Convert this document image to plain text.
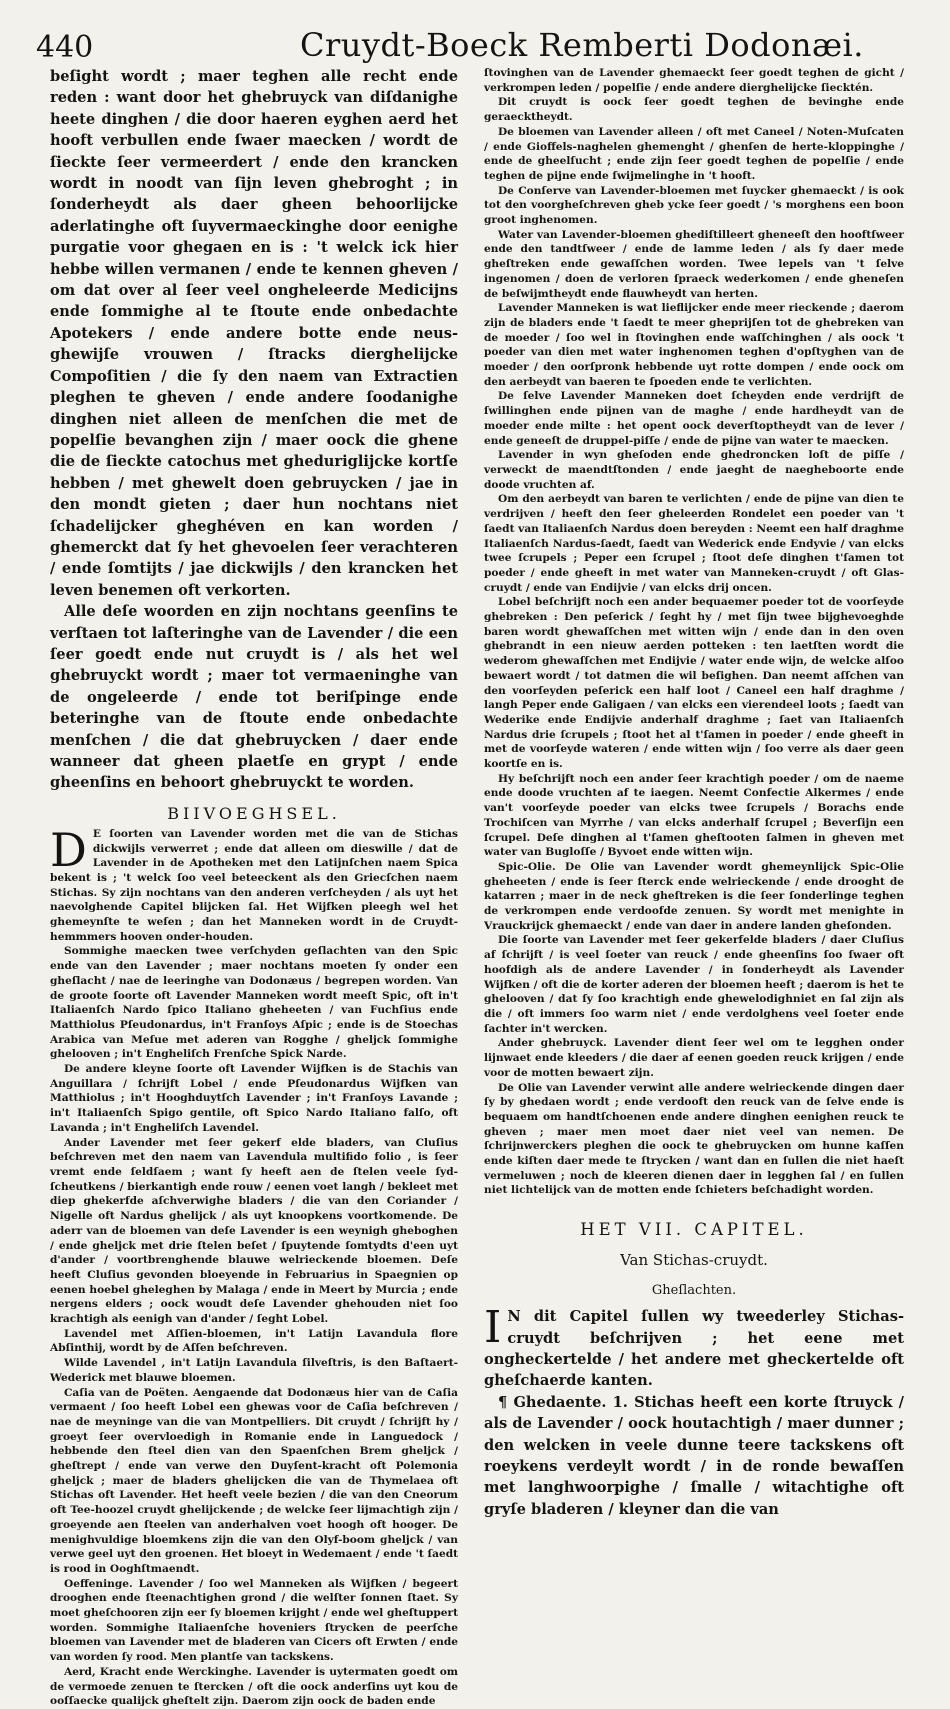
440	Cruydt-Boeck Remberti Dodonæi.

beſight wordt ; maer teghen alle recht ende reden : want door het ghebruyck van diſdanighe heete dinghen / die door haeren eyghen aerd het hooft verbullen ende ſwaer maecken / wordt de ſieckte ſeer vermeerdert / ende den krancken wordt in noodt van ſijn leven ghebroght ; in ſonderheydt als daer gheen behoorlijcke aderlatinghe oft ſuyvermaeckinghe door eenighe purgatie voor ghegaen en is : 't welck ick hier hebbe willen vermanen / ende te kennen gheven / om dat over al ſeer veel ongheleerde Medicijns ende ſommighe al te ſtoute ende onbedachte Apotekers / ende andere botte ende neus-ghewijſe vrouwen / ſtracks dierghelijcke Compoſitien / die ſy den naem van Extractien pleghen te gheven / ende andere ſoodanighe dinghen niet alleen de menſchen die met de popelſie bevanghen zijn / maer oock die ghene die de ſieckte catochus met gheduriglijcke kortſe hebben / met ghewelt doen gebruycken / jae in den mondt gieten ; daer hun nochtans niet ſchadelijcker gheghéven en kan worden / ghemerckt dat ſy het ghevoelen ſeer verachteren / ende ſomtijts / jae dickwijls / den krancken het leven benemen oft verkorten.

Alle deſe woorden en zijn nochtans geenſins te verſtaen tot laſteringhe van de Lavender / die een ſeer goedt ende nut cruydt is / als het wel ghebruyckt wordt ; maer tot vermaeninghe van de ongeleerde / ende tot beriſpinge ende beteringhe van de ſtoute ende onbedachte menſchen / die dat ghebruycken / daer ende wanneer dat gheen plaetſe en grypt / ende gheenſins en behoort ghebruyckt te worden.

BIIVOEGHSEL.

D E ſoorten van Lavender worden met die van de Stichas dickwijls verwerret ; ende dat alleen om dieswille / dat de Lavender in de Apotheken met den Latijnſchen naem Spica bekent is ; 't welck ſoo veel beteeckent als den Griecſchen naem Stichas. Sy zijn nochtans van den anderen verſcheyden / als uyt het naevolghende Capitel blijcken ſal. Het Wijfken pleegh wel het ghemeynſte te weſen ; dan het Manneken wordt in de Cruydt-hemmmers hooven onder-houden.

Sommighe maecken twee verſchyden geſlachten van den Spic ende van den Lavender ; maer nochtans moeten ſy onder een gheſlacht / nae de leeringhe van Dodonæus / begrepen worden. Van de groote ſoorte oft Lavender Manneken wordt meeſt Spic, oft in't Italiaenſch Nardo ſpico Italiano gheheeten / van Fuchſius ende Matthiolus Pſeudonardus, in't Franſoys Aſpic ; ende is de Stoechas Arabica van Meſue met aderen van Rogghe / gheljck ſommighe ghelooven ; in't Engheliſch Frenſche Spick Narde.

De andere kleyne ſoorte oft Lavender Wijfken is de Stachis van Anguillara / ſchrijft Lobel / ende Pſeudonardus Wijfken van Matthiolus ; in't Hooghduytſch Lavender ; in't Franſoys Lavande ; in't Italiaenſch Spigo gentile, oft Spico Nardo Italiano falſo, oft Lavanda ; in't Engheliſch Lavendel.

Ander Lavender met ſeer gekerf elde bladers, van Cluſius beſchreven met den naem van Lavendula multifido folio , is ſeer vremt ende ſeldſaem ; want ſy heeft aen de ſtelen veele ſyd-ſcheutkens / bierkantigh ende rouw / eenen voet langh / bekleet met diep ghekerfde aſchverwighe bladers / die van den Coriander / Nigelle oft Nardus ghelijck / als uyt knoopkens voortkomende. De aderr van de bloemen van deſe Lavender is een weynigh gheboghen / ende gheljck met drie ſtelen beſet / ſpuytende ſomtydts d'een uyt d'ander / voortbrenghende blauwe welrieckende bloemen. Deſe heeft Cluſius gevonden bloeyende in Februarius in Spaegnien op eenen hoebel gheleghen by Malaga / ende in Meert by Murcia ; ende nergens elders ; oock woudt deſe Lavender ghehouden niet ſoo krachtigh als eenigh van d'ander / ſeght Lobel.

Lavendel met Aſſien-bloemen, in't Latijn Lavandula flore Abſinthij, wordt by de Aſſen beſchreven.

Wilde Lavendel , in't Latijn Lavandula ſilveſtris, is den Baſtaert-Wederick met blauwe bloemen.

Caſia van de Poëten. Aengaende dat Dodonæus hier van de Caſia vermaent / ſoo heeft Lobel een ghewas voor de Caſia beſchreven / nae de meyninge van die van Montpelliers. Dit cruydt / ſchrijft hy / groeyt ſeer overvloedigh in Romanie ende in Languedock / hebbende den ſteel dien van den Spaenſchen Brem gheljck / gheſtrept / ende van verwe den Duyſent-kracht oft Polemonia gheljck ; maer de bladers ghelijcken die van de Thymelaea oft Stichas oft Lavender. Het heeft veele bezien / die van den Cneorum oft Tee-hoozel cruydt ghelijckende ; de welcke ſeer lijmachtigh zijn / groeyende aen ſteelen van anderhalven voet hoogh oft hooger. De menighvuldige bloemkens zijn die van den Olyf-boom gheljck / van verwe geel uyt den groenen. Het bloeyt in Wedemaent / ende 't ſaedt is rood in Ooghſtmaendt.

Oeffeninge. Lavender / ſoo wel Manneken als Wijfken / begeert drooghen ende ſteenachtighen grond / die welſter ſonnen ſtaet. Sy moet gheſchooren zijn eer ſy bloemen krijght / ende wel gheſtuppert worden. Sommighe Italiaenſche hoveniers ſtrycken de peerſche bloemen van Lavender met de bladeren van Cicers oft Erwten / ende van worden ſy rood. Men plantſe van tackskens.

Aerd, Kracht ende Werckinghe. Lavender is uytermaten goedt om de vermoede zenuen te ſtercken / oft die oock anderſins uyt kou de ooſſaecke qualijck gheſtelt zijn. Daerom zijn oock de baden ende

ſtovinghen van de Lavender ghemaeckt ſeer goedt teghen de gicht / verkrompen leden / popelſie / ende andere dierghelijcke ſiecktén.

Dit cruydt is oock ſeer goedt teghen de bevinghe ende geraecktheydt.

De bloemen van Lavender alleen / oft met Caneel / Noten-Muſcaten / ende Gioffels-naghelen ghemenght / ghenſen de herte-kloppinghe / ende de gheelſucht ; ende zijn ſeer goedt teghen de popelſie / ende teghen de pijne ende ſwijmelinghe in 't hooft.

De Conſerve van Lavender-bloemen met ſuycker ghemaeckt / is ook tot den voorgheſchreven gheb ycke ſeer goedt / 's morghens een boon groot inghenomen.

Water van Lavender-bloemen ghediſtilleert gheneeſt den hooftſweer ende den tandtſweer / ende de lamme leden / als ſy daer mede gheſtreken ende gewaſſchen worden. Twee lepels van 't ſelve ingenomen / doen de verloren ſpraeck wederkomen / ende gheneſen de beſwijmtheydt ende flauwheydt van herten.

Lavender Manneken is wat lieflijcker ende meer rieckende ; daerom zijn de bladers ende 't ſaedt te meer gheprijſen tot de ghebreken van de moeder / ſoo wel in ſtovinghen ende waſſchinghen / als oock 't poeder van dien met water inghenomen teghen d'opſtyghen van de moeder / den oorſpronk hebbende uyt rotte dompen / ende oock om den aerbeydt van baeren te ſpoeden ende te verlichten.

De ſelve Lavender Manneken doet ſcheyden ende verdrijft de ſwillinghen ende pijnen van de maghe / ende hardheydt van de moeder ende milte : het opent oock deverſtoptheydt van de lever / ende geneeſt de druppel-piſſe / ende de pijne van water te maecken.

Lavender in wyn gheſoden ende ghedroncken loſt de piſſe / verweckt de maendtſtonden / ende jaeght de naegheboorte ende doode vruchten af.

Om den aerbeydt van baren te verlichten / ende de pijne van dien te verdrijven / heeft den ſeer gheleerden Rondelet een poeder van 't ſaedt van Italiaenſch Nardus doen bereyden : Neemt een half draghme Italiaenſch Nardus-ſaedt, ſaedt van Wederick ende Endyvie / van elcks twee ſcrupels ; Peper een ſcrupel ; ſtoot deſe dinghen t'ſamen tot poeder / ende gheeft in met water van Manneken-cruydt / oft Glas-cruydt / ende van Endijvie / van elcks drij oncen.

Lobel beſchrijft noch een ander bequaemer poeder tot de voorſeyde ghebreken : Den peſerick / ſeght hy / met ſijn twee bijghevoeghde baren wordt ghewaſſchen met witten wijn / ende dan in den oven ghebrandt in een nieuw aerden potteken : ten laetſten wordt die wederom ghewaſſchen met Endijvie / water ende wijn, de welcke alſoo bewaert wordt / tot datmen die wil beſighen. Dan neemt aſſchen van den voorſeyden peſerick een half loot / Caneel een half draghme / langh Peper ende Galigaen / van elcks een vierendeel loots ; ſaedt van Wederike ende Endijvie anderhalf draghme ; ſaet van Italiaenſch Nardus drie ſcrupels ; ſtoot het al t'ſamen in poeder / ende gheeft in met de voorſeyde wateren / ende witten wijn / ſoo verre als daer geen koortſe en is.

Hy beſchrijft noch een ander ſeer krachtigh poeder / om de naeme ende doode vruchten af te iaegen. Neemt Confectie Alkermes / ende van't voorſeyde poeder van elcks twee ſcrupels / Borachs ende Trochiſcen van Myrrhe / van elcks anderhalf ſcrupel ; Beverſijn een ſcrupel. Deſe dinghen al t'ſamen gheſtooten ſalmen in gheven met water van Bugloſſe / Byvoet ende witten wijn.

Spic-Olie. De Olie van Lavender wordt ghemeynlijck Spic-Olie gheheeten / ende is ſeer ſterck ende welrieckende / ende drooght de katarren ; maer in de neck gheſtreken is die ſeer ſonderlinge teghen de verkrompen ende verdoofde zenuen. Sy wordt met menighte in Vrauckrijck ghemaeckt / ende van daer in andere landen gheſonden.

Die ſoorte van Lavender met ſeer gekerfelde bladers / daer Cluſius af ſchrijft / is veel ſoeter van reuck / ende gheenſins ſoo ſwaer oft hoofdigh als de andere Lavender / in ſonderheydt als Lavender Wijfken / oft die de korter aderen der bloemen heeft ; daerom is het te ghelooven / dat ſy ſoo krachtigh ende ghewelodighniet en ſal zijn als die / oft immers ſoo warm niet / ende verdolghens veel ſoeter ende ſachter in't wercken.

Ander ghebruyck. Lavender dient ſeer wel om te legghen onder lijnwaet ende kleeders / die daer af eenen goeden reuck krijgen / ende voor de motten bewaert zijn.

De Olie van Lavender verwint alle andere welrieckende dingen daer ſy by ghedaen wordt ; ende verdooft den reuck van de ſelve ende is bequaem om handtſchoenen ende andere dinghen eenighen reuck te gheven ; maer men moet daer niet veel van nemen. De ſchrijnwerckers pleghen die oock te ghebruycken om hunne kaſſen ende kiſten daer mede te ſtrycken / want dan en ſullen die niet haeſt vermeluwen ; noch de kleeren dienen daer in legghen ſal / en ſullen niet lichtelijck van de motten ende ſchieters beſchadight worden.

HET VII. CAPITEL.
Van Stichas-cruydt.
Gheſlachten.

I N dit Capitel ſullen wy tweederley Stichas-cruydt beſchrijven ; het eene met ongheckertelde / het andere met gheckertelde oft gheſchaerde kanten.

¶ Ghedaente. 1. Stichas heeft een korte ſtruyck / als de Lavender / oock houtachtigh / maer dunner ; den welcken in veele dunne teere tackskens oft roeykens verdeylt wordt / in de ronde bewaſſen met langhwoorpighe / ſmalle / witachtighe oft gryſe bladeren / kleyner dan die van
